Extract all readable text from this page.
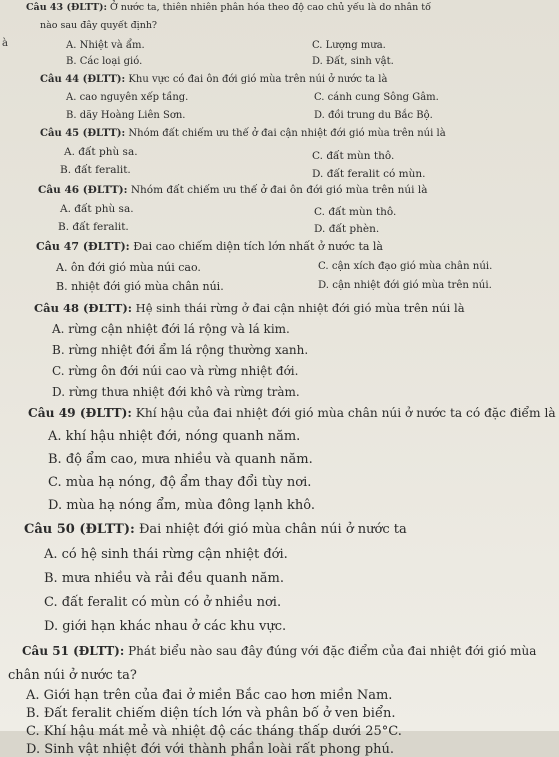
à
Câu 43 (ĐLTT): Ở nước ta, thiên nhiên phân hóa theo độ cao chủ yếu là do nhân tố
nào sau đây quyết định?
A. Nhiệt và ẩm.
B. Các loại gió.
C. Lượng mưa.
D. Đất, sinh vật.
Câu 44 (ĐLTT): Khu vực có đai ôn đới gió mùa trên núi ở nước ta là
A. cao nguyên xếp tầng.
B. dãy Hoàng Liên Sơn.
C. cánh cung Sông Gâm.
D. đồi trung du Bắc Bộ.
Câu 45 (ĐLTT): Nhóm đất chiếm ưu thế ở đai cận nhiệt đới gió mùa trên núi là
A. đất phù sa.
B. đất feralit.
C. đất mùn thô.
D. đất feralit có mùn.
Câu 46 (ĐLTT): Nhóm đất chiếm ưu thế ở đai ôn đới gió mùa trên núi là
A. đất phù sa.
B. đất feralit.
C. đất mùn thô.
D. đất phèn.
Câu 47 (ĐLTT): Đai cao chiếm diện tích lớn nhất ở nước ta là
A. ôn đới gió mùa núi cao.
B. nhiệt đới gió mùa chân núi.
C. cận xích đạo gió mùa chân núi.
D. cận nhiệt đới gió mùa trên núi.
Câu 48 (ĐLTT): Hệ sinh thái rừng ở đai cận nhiệt đới gió mùa trên núi là
A. rừng cận nhiệt đới lá rộng và lá kim.
B. rừng nhiệt đới ẩm lá rộng thường xanh.
C. rừng ôn đới núi cao và rừng nhiệt đới.
D. rừng thưa nhiệt đới khô và rừng tràm.
Câu 49 (ĐLTT): Khí hậu của đai nhiệt đới gió mùa chân núi ở nước ta có đặc điểm là
A. khí hậu nhiệt đới, nóng quanh năm.
B. độ ẩm cao, mưa nhiều và quanh năm.
C. mùa hạ nóng, độ ẩm thay đổi tùy nơi.
D. mùa hạ nóng ẩm, mùa đông lạnh khô.
Câu 50 (ĐLTT): Đai nhiệt đới gió mùa chân núi ở nước ta
A. có hệ sinh thái rừng cận nhiệt đới.
B. mưa nhiều và rải đều quanh năm.
C. đất feralit có mùn có ở nhiều nơi.
D. giới hạn khác nhau ở các khu vực.
Câu 51 (ĐLTT): Phát biểu nào sau đây đúng với đặc điểm của đai nhiệt đới gió mùa
chân núi ở nước ta?
A. Giới hạn trên của đai ở miền Bắc cao hơn miền Nam.
B. Đất feralit chiếm diện tích lớn và phân bố ở ven biển.
C. Khí hậu mát mẻ và nhiệt độ các tháng thấp dưới 25°C.
D. Sinh vật nhiệt đới với thành phần loài rất phong phú.
